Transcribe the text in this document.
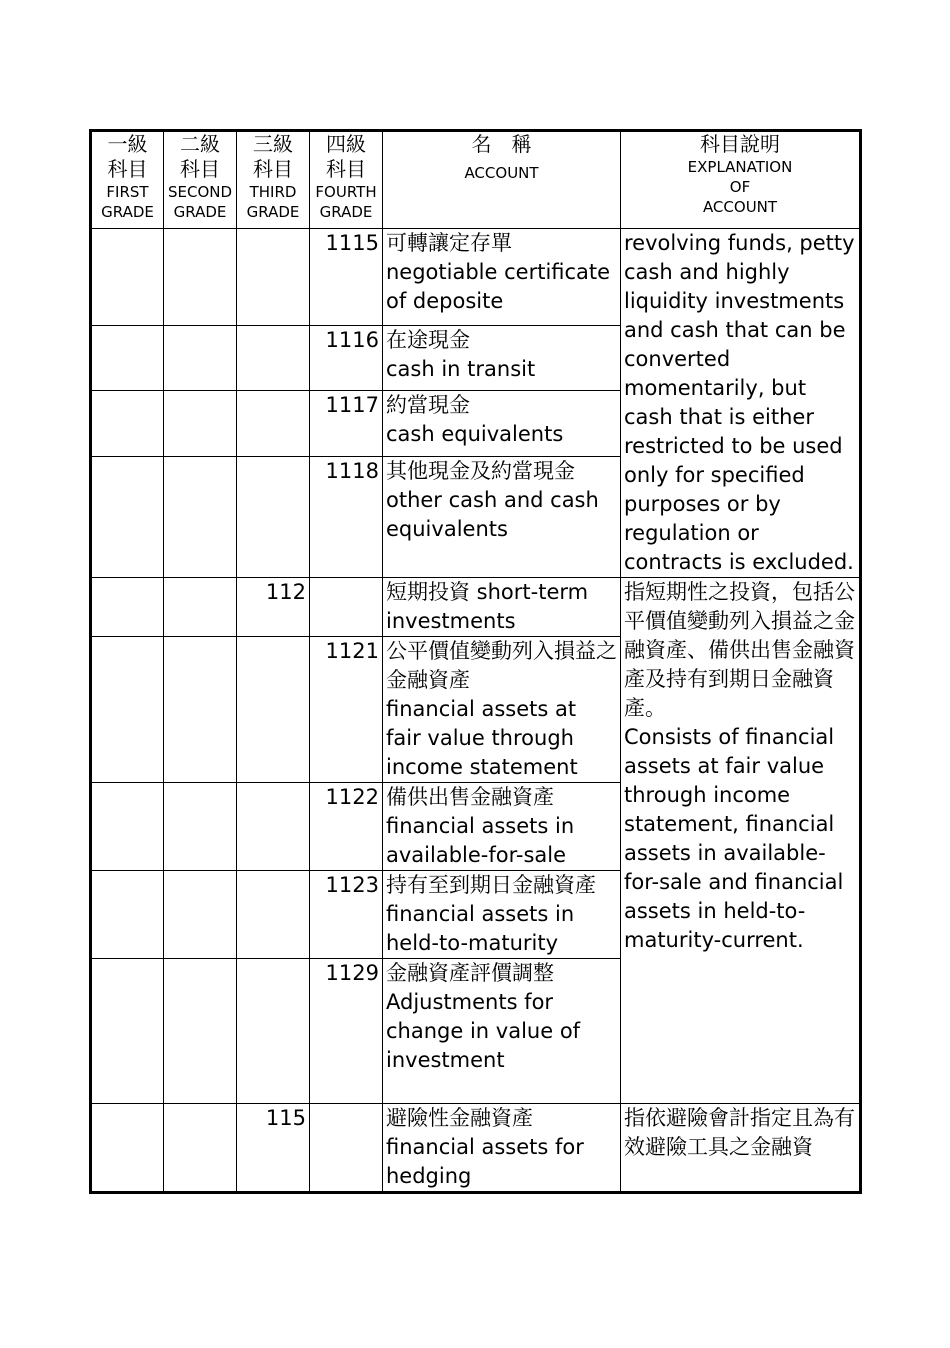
一級
科目
FIRST
GRADE	二級
科目
SECOND
GRADE	三級
科目
THIRD
GRADE	四級
科目
FOURTH
GRADE	名　稱
ACCOUNT	科目說明
EXPLANATION
OF
ACCOUNT

			1115	可轉讓定存單
negotiable certificate of deposite	revolving funds, petty cash and highly liquidity investments and cash that can be converted momentarily, but cash that is either restricted to be used only for specified purposes or by regulation or contracts is excluded.

			1116	在途現金
cash in transit	

			1117	約當現金
cash equivalents	

			1118	其他現金及約當現金
other cash and cash equivalents	

		112		短期投資 short-term investments	指短期性之投資，包括公平價值變動列入損益之金融資產、備供出售金融資產及持有到期日金融資產。
Consists of financial assets at fair value through income statement, financial assets in available-for-sale and financial assets in held-to-maturity-current.

			1121	公平價值變動列入損益之金融資產
financial assets at fair value through income statement	

			1122	備供出售金融資產
financial assets in available-for-sale	

			1123	持有至到期日金融資產
financial assets in held-to-maturity	

			1129	金融資產評價調整
Adjustments for change in value of investment	

		115		避險性金融資產
financial assets for hedging	指依避險會計指定且為有效避險工具之金融資
